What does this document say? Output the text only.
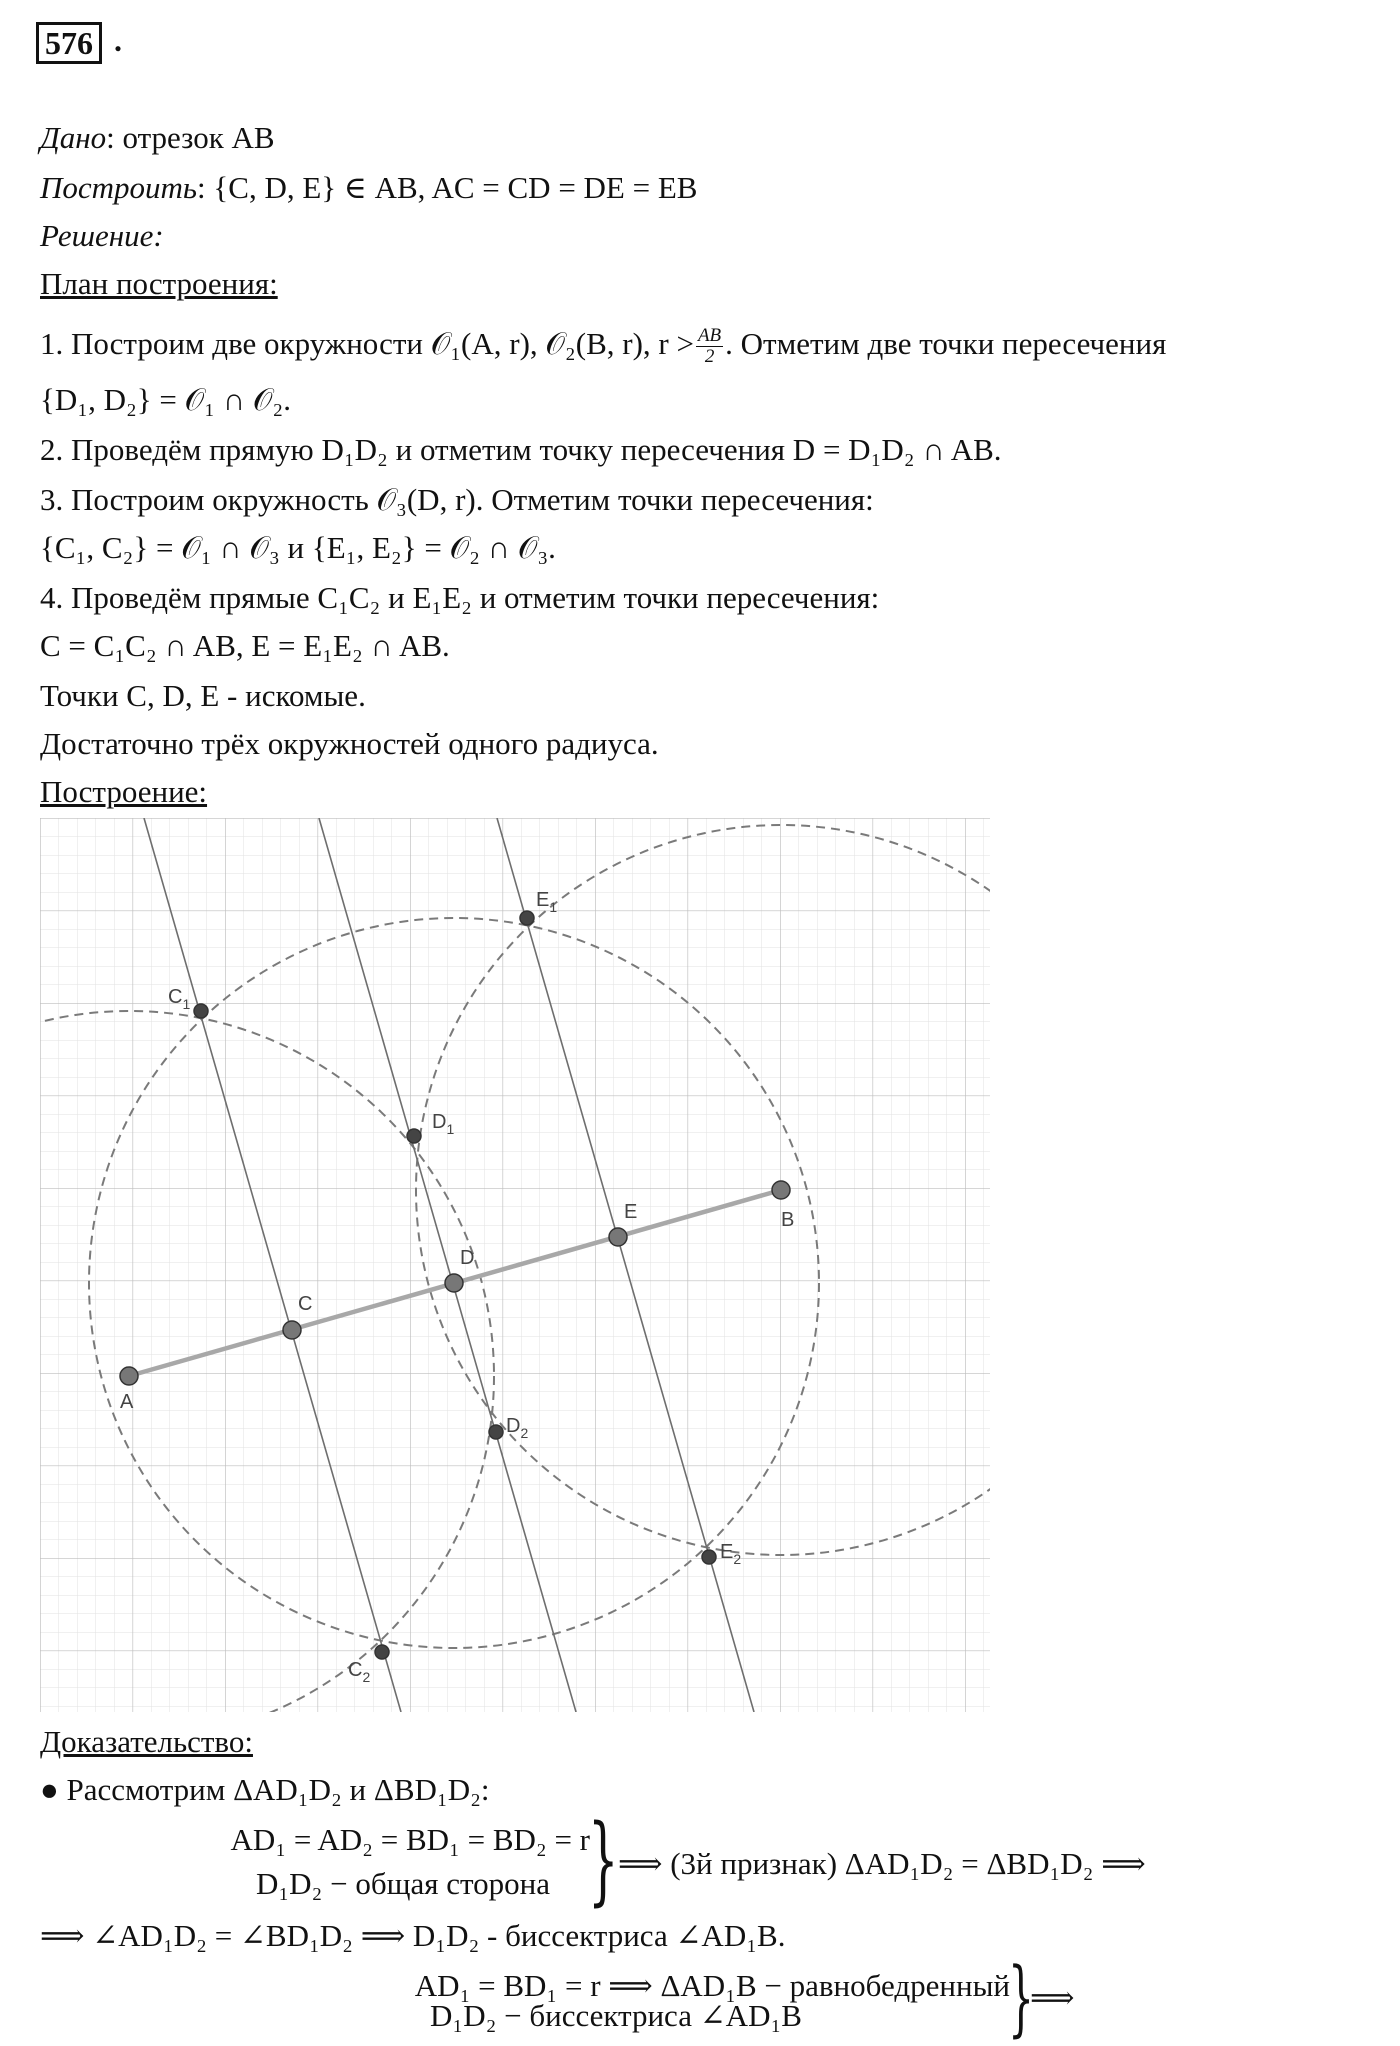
576 .
Дано: отрезок AB
Построить: {C, D, E} ∈ AB, AC = CD = DE = EB
Решение:
План построения:
1. Построим две окружности 𝒪₁(A, r), 𝒪₂(B, r), $r > \frac{AB}{2}$ . Отметим две точки пересечения
{D₁, D₂} = 𝒪₁ ∩ 𝒪₂.
2. Проведём прямую D₁D₂ и отметим точку пересечения D = D₁D₂ ∩ AB.
3. Построим окружность 𝒪₃(D, r). Отметим точки пересечения:
{C₁, C₂} = 𝒪₁ ∩ 𝒪₃ и {E₁, E₂} = 𝒪₂ ∩ 𝒪₃.
4. Проведём прямые C₁C₂ и E₁E₂ и отметим точки пересечения:
C = C₁C₂ ∩ AB, E = E₁E₂ ∩ AB.
Точки C, D, E - искомые.
Достаточно трёх окружностей одного радиуса.
Построение:
A
B
C
D
E
$C_1$
$E_1$
$D_1$
$D_2$
$E_2$
$C_2$
Доказательство:
● Рассмотрим ΔAD₁D₂ и ΔBD₁D₂:
AD₁ = AD₂ = BD₁ = BD₂ = r
D₁D₂ − общая сторона } ⟹ (3й признак) ΔAD₁D₂ = ΔBD₁D₂ ⟹
⟹ ∠AD₁D₂ = ∠BD₁D₂ ⟹ D₁D₂ - биссектриса ∠AD₁B.
AD₁ = BD₁ = r ⟹ ΔAD₁B − равнобедренный
D₁D₂ − биссектриса ∠AD₁B	}
⟹
